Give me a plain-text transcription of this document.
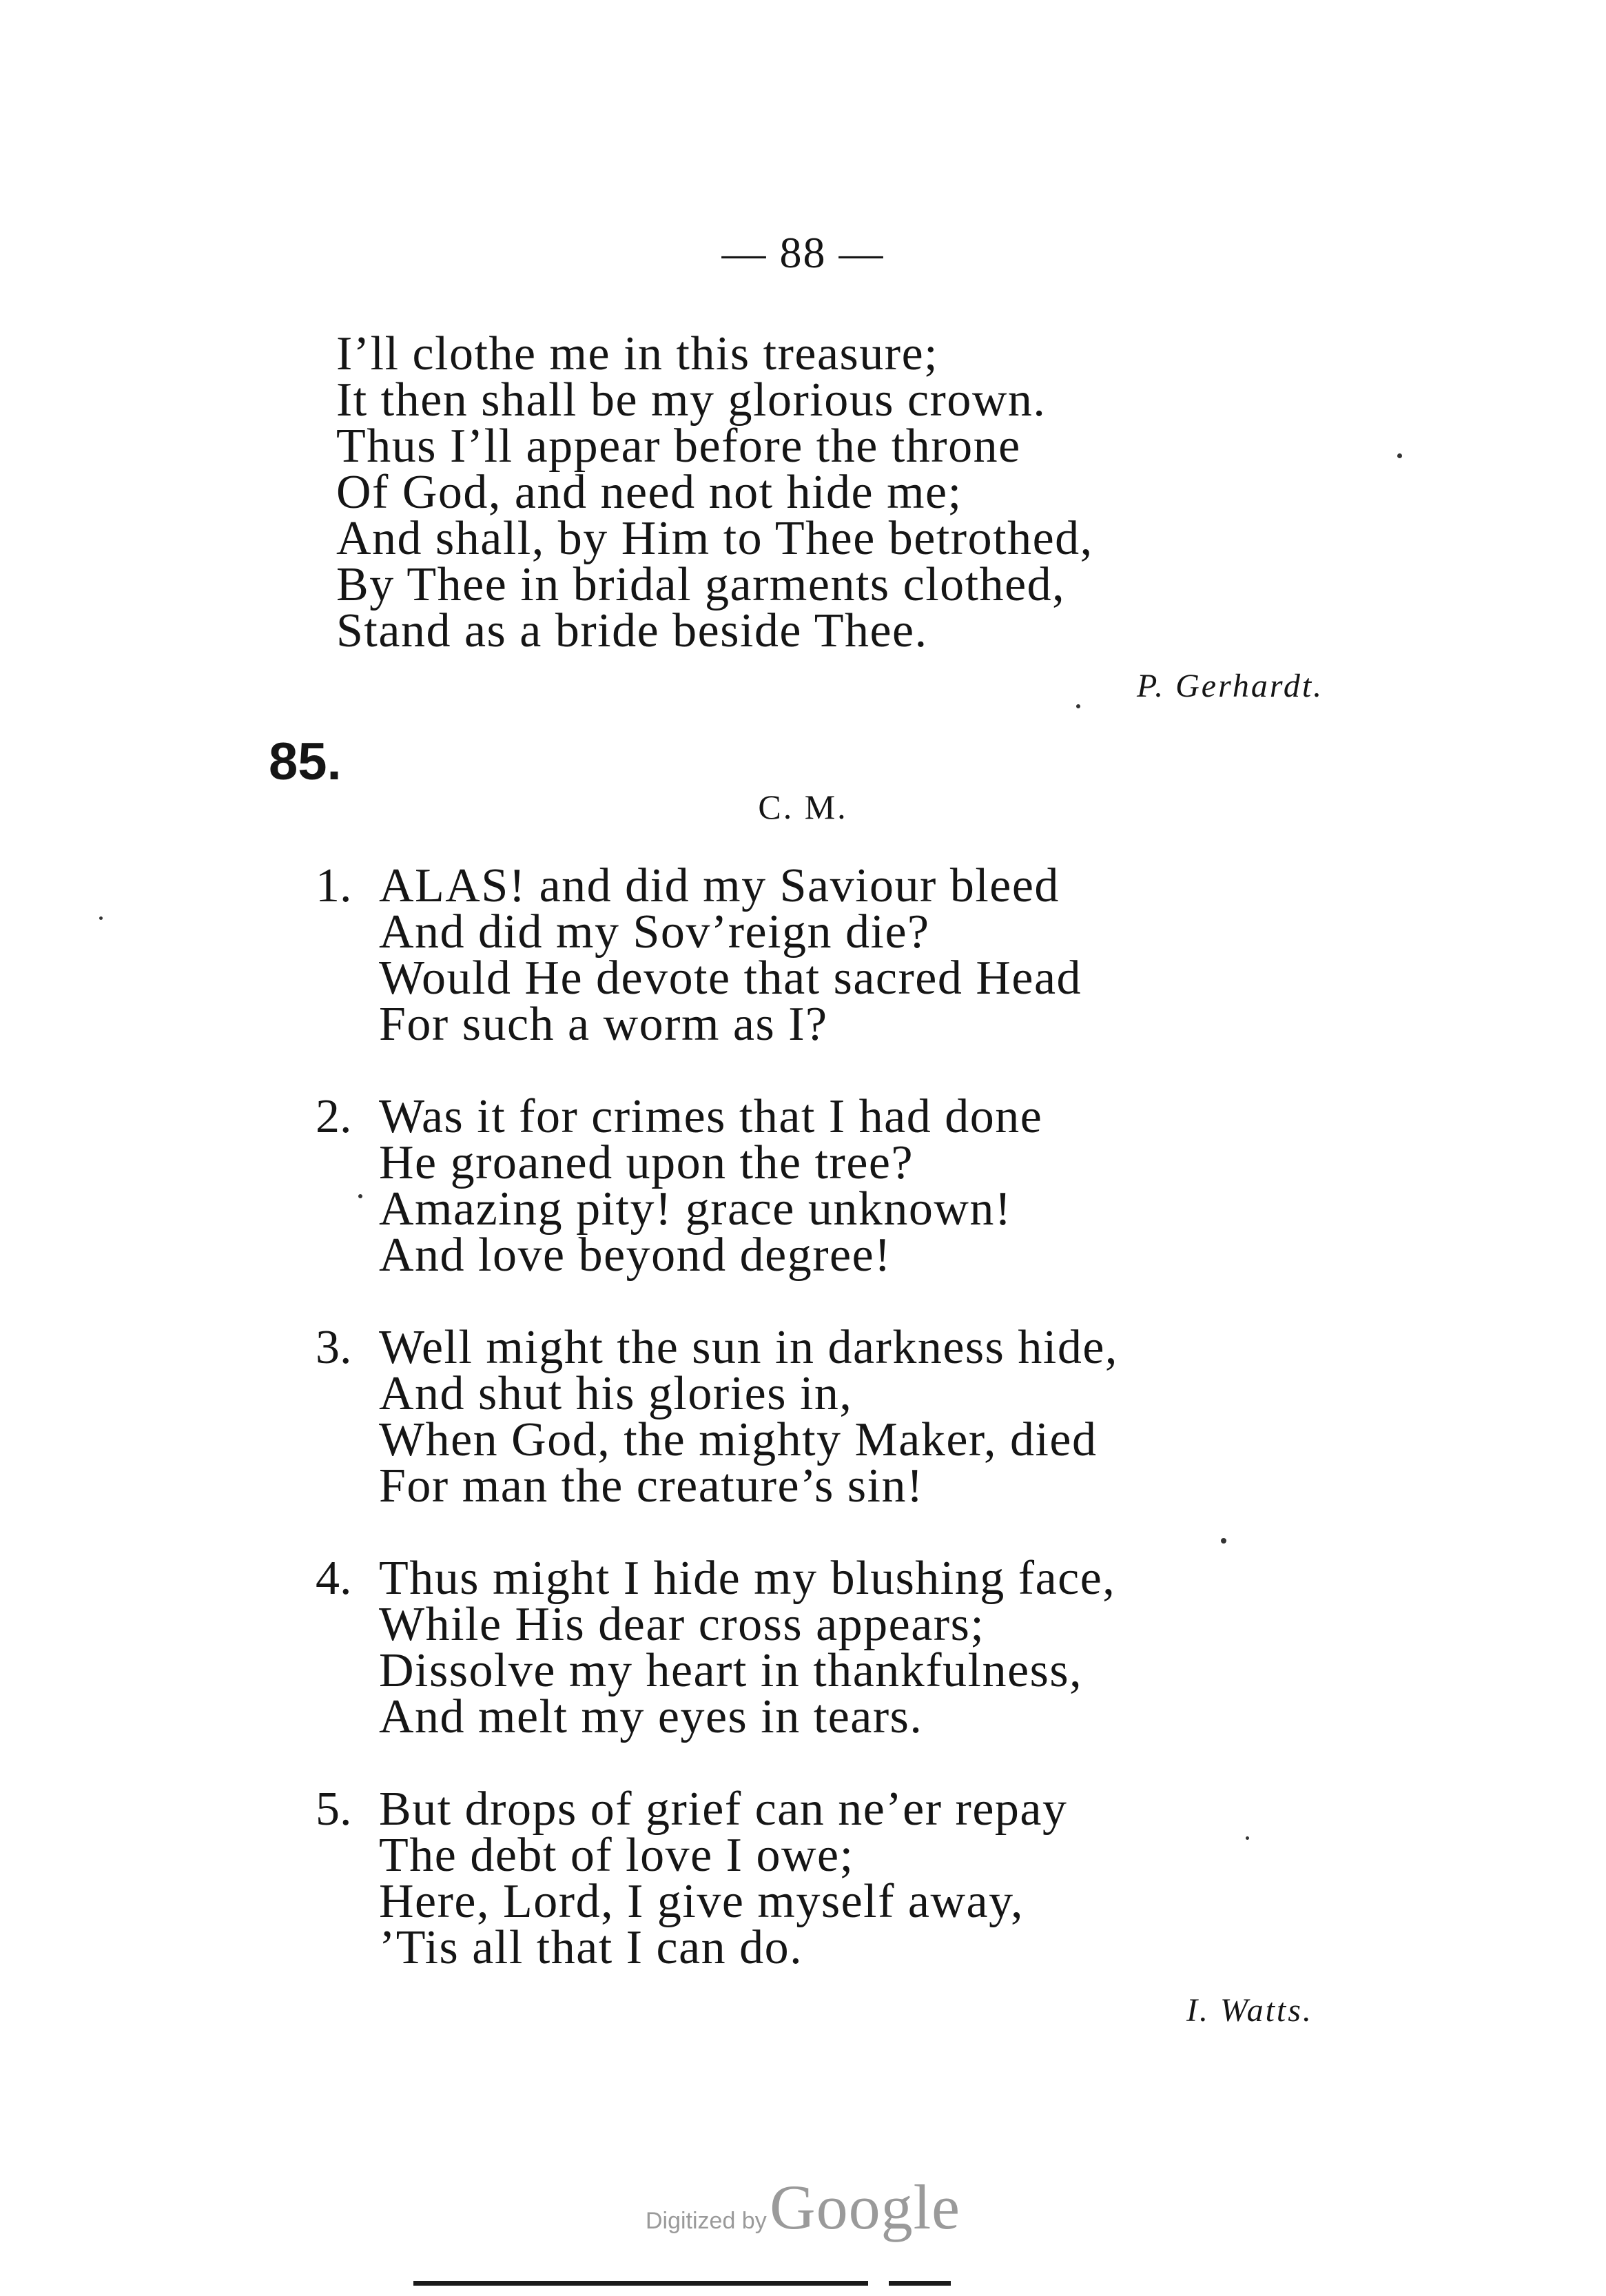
— 88 —
I’ll clothe me in this treasure;
It then shall be my glorious crown.
Thus I’ll appear before the throne
Of God, and need not hide me;
And shall, by Him to Thee betrothed,
By Thee in bridal garments clothed,
Stand as a bride beside Thee.
P. Gerhardt.
85.
C. M.
1. ALAS! and did my Saviour bleed
And did my Sov’reign die?
Would He devote that sacred Head
For such a worm as I?
2. Was it for crimes that I had done
He groaned upon the tree?
Amazing pity! grace unknown!
And love beyond degree!
3. Well might the sun in darkness hide,
And shut his glories in,
When God, the mighty Maker, died
For man the creature’s sin!
4. Thus might I hide my blushing face,
While His dear cross appears;
Dissolve my heart in thankfulness,
And melt my eyes in tears.
5. But drops of grief can ne’er repay
The debt of love I owe;
Here, Lord, I give myself away,
’Tis all that I can do.
I. Watts.
Digitized by Google
